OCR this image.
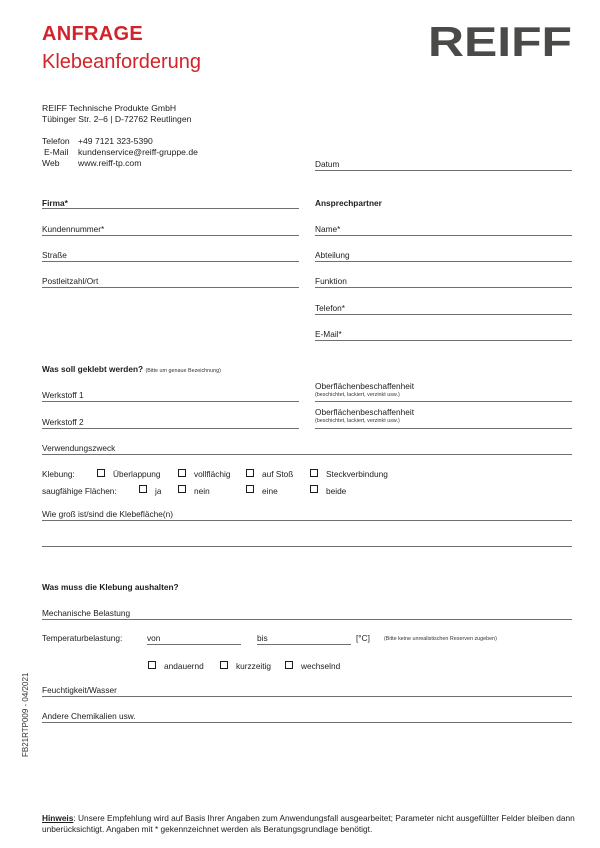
ANFRAGE
Klebeanforderung	REIFF
REIFF Technische Produkte GmbH
Tübinger Str. 2–6 | D-72762 Reutlingen
Telefon +49 7121 323-5390
E-Mail kundenservice@reiff-gruppe.de
Web www.reiff-tp.com	Datum
Firma*
Kundennummer*
Straße
Postleitzahl/Ort
Ansprechpartner
Name*
Abteilung
Funktion
Telefon*
E-Mail*
Was soll geklebt werden? (Bitte um genaue Bezeichnung)
Werkstoff 1
Oberflächenbeschaffenheit
(beschichtet, lackiert, verzinkt usw.)
Werkstoff 2
Oberflächenbeschaffenheit
(beschichtet, lackiert, verzinkt usw.)
Verwendungszweck
Klebung:	Überlappung	vollflächig	auf Stoß	Steckverbindung
saugfähige Flächen:	ja	nein	eine	beide
Wie groß ist/sind die Klebefläche(n)
Was muss die Klebung aushalten?
Mechanische Belastung
Temperaturbelastung:	von	bis	[°C]	(Bitte keine unrealistischen Reserven zugeben)
andauernd	kurzzeitig	wechselnd
Feuchtigkeit/Wasser
Andere Chemikalien usw.
FB21RTP009 - 04/2021
Hinweis: Unsere Empfehlung wird auf Basis Ihrer Angaben zum Anwendungsfall ausgearbeitet; Parameter nicht ausgefüllter Felder bleiben dann unberücksichtigt. Angaben mit * gekennzeichnet werden als Beratungsgrundlage benötigt.
